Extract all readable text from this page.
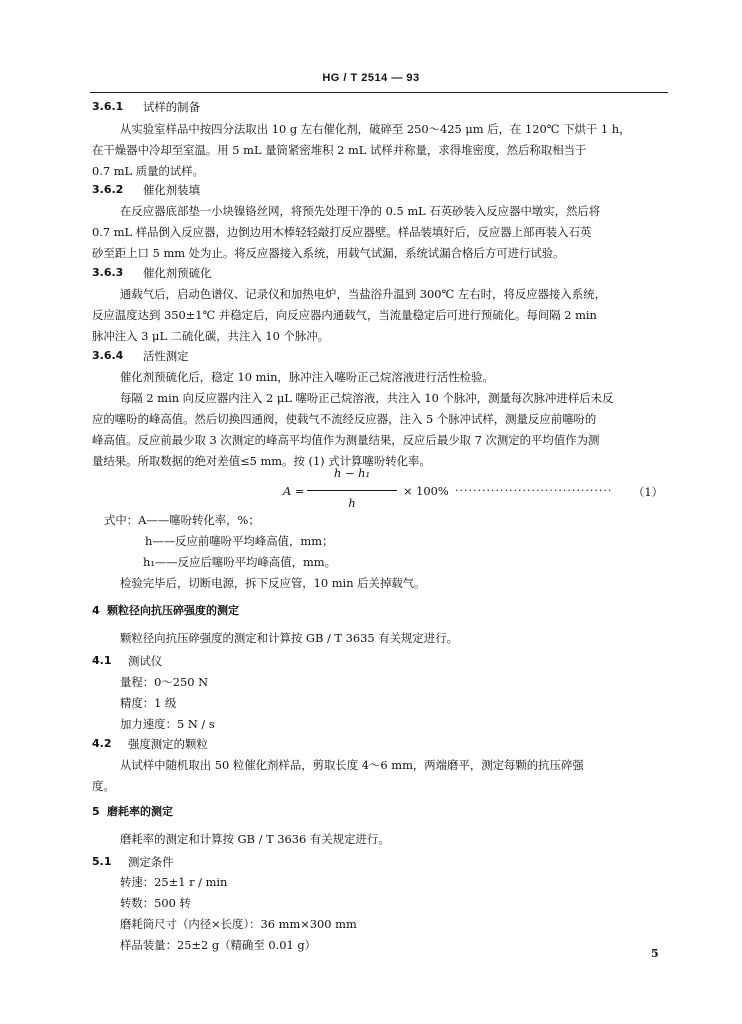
HG / T 2514 — 93
3.6.1 试样的制备
从实验室样品中按四分法取出 10 g 左右催化剂，破碎至 250～425 μm 后，在 120℃ 下烘干 1 h，
在干燥器中冷却至室温。用 5 mL 量筒紧密堆积 2 mL 试样并称量，求得堆密度，然后称取相当于
0.7 mL 质量的试样。
3.6.2 催化剂装填
在反应器底部垫一小块镍铬丝网，将预先处理干净的 0.5 mL 石英砂装入反应器中墩实，然后将
0.7 mL 样品倒入反应器，边倒边用木棒轻轻敲打反应器壁。样品装填好后，反应器上部再装入石英
砂至距上口 5 mm 处为止。将反应器接入系统，用载气试漏，系统试漏合格后方可进行试验。
3.6.3 催化剂预硫化
通载气后，启动色谱仪、记录仪和加热电炉，当盐浴升温到 300℃ 左右时，将反应器接入系统，
反应温度达到 350±1℃ 并稳定后，向反应器内通载气，当流量稳定后可进行预硫化。每间隔 2 min
脉冲注入 3 μL 二硫化碳，共注入 10 个脉冲。
3.6.4 活性测定
催化剂预硫化后，稳定 10 min，脉冲注入噻吩正己烷溶液进行活性检验。
每隔 2 min 向反应器内注入 2 μL 噻吩正己烷溶液，共注入 10 个脉冲，测量每次脉冲进样后未反
应的噻吩的峰高值。然后切换四通阀，使载气不流经反应器，注入 5 个脉冲试样，测量反应前噻吩的
峰高值。反应前最少取 3 次测定的峰高平均值作为测量结果，反应后最少取 7 次测定的平均值作为测
量结果。所取数据的绝对差值≤5 mm。按 (1) 式计算噻吩转化率。
A =
h − h₁
h
× 100% ··································· （1）
式中：A——噻吩转化率，%；
h——反应前噻吩平均峰高值，mm；
h₁——反应后噻吩平均峰高值，mm。
检验完毕后，切断电源，拆下反应管，10 min 后关掉载气。
4 颗粒径向抗压碎强度的测定
颗粒径向抗压碎强度的测定和计算按 GB / T 3635 有关规定进行。
4.1 测试仪
量程：0～250 N
精度：1 级
加力速度：5 N / s
4.2 强度测定的颗粒
从试样中随机取出 50 粒催化剂样品，剪取长度 4～6 mm，两端磨平，测定每颗的抗压碎强
度。
5 磨耗率的测定
磨耗率的测定和计算按 GB / T 3636 有关规定进行。
5.1 测定条件
转速：25±1 r / min
转数：500 转
磨耗筒尺寸（内径×长度）：36 mm×300 mm
样品装量：25±2 g（精确至 0.01 g）
5
